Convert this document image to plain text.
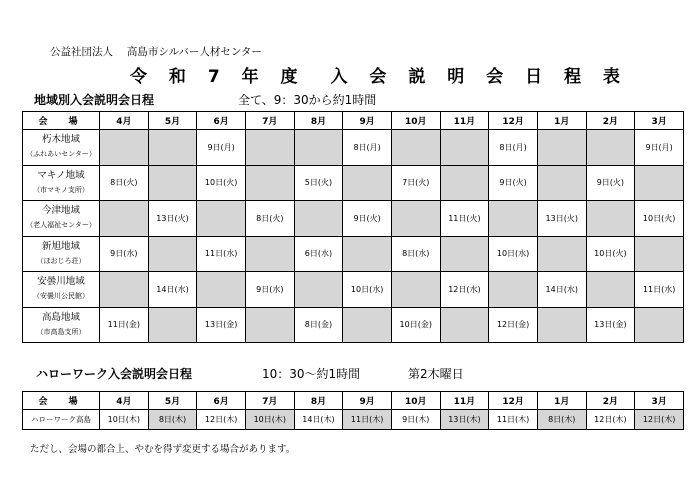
公益社団法人　 高島市シルバー人材センター
令 和 7 年 度　入 会 説 明 会 日 程 表
地域別入会説明会日程	全て、9：30から約1時間
会　場	4月	5月	6月	7月	8月	9月	10月	11月	12月	1月	2月	3月

朽木地域
（ふれあいセンター）			9日(月)			8日(月)			8日(月)			9日(月)

マキノ地域
（市マキノ支所）	8日(火)		10日(火)		5日(火)		7日(火)		9日(火)		9日(火)	

今津地域
（老人福祉センター）		13日(火)		8日(火)		9日(火)		11日(火)		13日(火)		10日(火)

新旭地域
（ほおじろ荘）	9日(水)		11日(水)		6日(水)		8日(水)		10日(水)		10日(火)	

安曇川地域
（安曇川公民館）		14日(水)		9日(水)		10日(水)		12日(水)		14日(水)		11日(水)

高島地域
（市高島支所）	11日(金)		13日(金)		8日(金)		10日(金)		12日(金)		13日(金)	
ハローワーク入会説明会日程	10：30～約1時間	第2木曜日
会　場	4月	5月	6月	7月	8月	9月	10月	11月	12月	1月	2月	3月
ハローワーク高島	10日(木)	8日(木)	12日(木)	10日(木)	14日(木)	11日(木)	9日(木)	13日(木)	11日(木)	8日(木)	12日(木)	12日(木)
ただし、会場の都合上、やむを得ず変更する場合があります。
